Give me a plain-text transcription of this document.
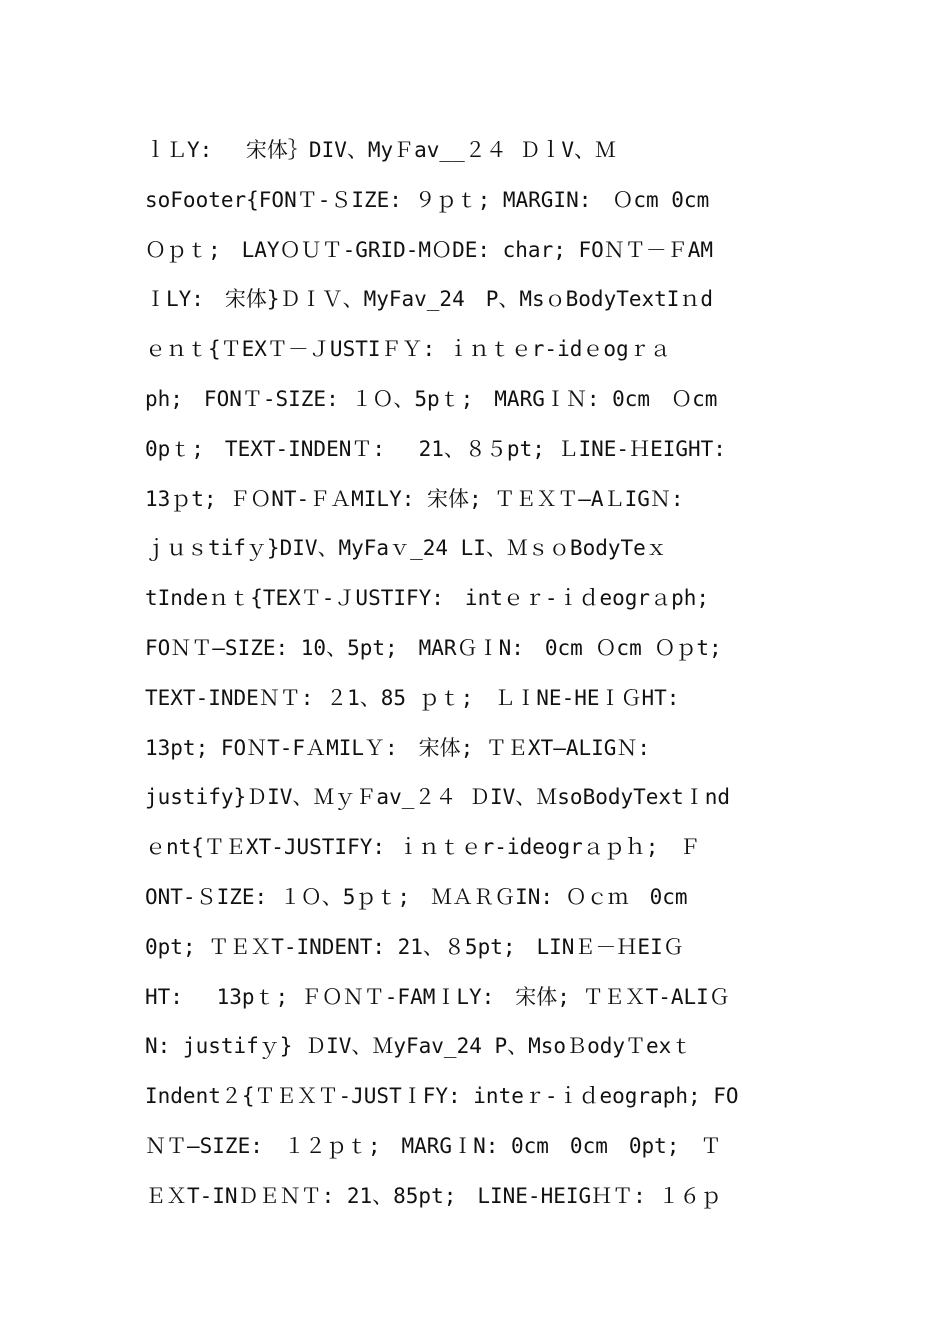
ｌＬY:　 宋体｝DIV、MyＦav__２４ ＤｌV、Ｍ
soFooter{FONＴ-ＳIZE: ９ｐｔ; MARGIN:　Ｏcm 0cm
Ｏｐｔ;　LAYＯＵＴ-GRID-MＯDE: char; FOＮＴ－ＦAM
ＩLY:　宋体}ＤＩＶ、MyFav_24　P、MsｏBodyTextIｎd
ｅｎｔ{ＴEXＴ－ＪUSTIＦＹ: ｉｎｔｅr-idｅogｒａ
ph;　FONＴ-SIZE: １Ｏ、5pｔ;　MARGＩＮ: 0cm　Ｏcm
0pｔ;　TEXT-INDENＴ:　 21、８５pt; ＬINE-ＨEIGHT:
13ｐt; ＦＯNT-ＦＡMILY: 宋体; ＴＥＸＴ—AＬIGＮ:
ｊｕｓtifｙ}DIV、MyFaｖ_24 LI、ＭｓｏBodyTeｘ
tIndeｎｔ{TEXＴ-ＪUSTIFY:　intｅｒ-ｉｄeogrａph;
FOＮＴ—SIZE: 10、5pt;　MARＧＩN:　0cm Ｏcm Ｏｐt;
TEXT-INDEＮＴ: ２1、85 ｐｔ;　ＬＩNE-HEＩＧHT:
13pt; FOＮT-FＡMILＹ:　宋体; ＴＥXT—ALIGＮ:
justify}ＤIV、ＭｙＦav_２４ ＤIV、ＭsoBodyTextＩnd
ｅnt{ＴＥXT-JUSTIFY: ｉｎｔｅr-ideogrａｐｈ;　Ｆ
ONT-ＳIZE: １Ｏ、5ｐｔ;　ＭＡＲＧIN: Ｏｃｍ　0cm
0pt; ＴＥＸT-INDENT: 21、８5pt;　LINＥ－ＨEIＧ
HT:　 13pｔ; ＦＯＮＴ-FAMＩLY:　宋体; ＴＥＸT-ALIＧ
N: justifｙ} ＤIV、ＭyFav_24 P、MsoＢodyＴexｔ
Indent２{ＴＥＸＴ-JUSTＩFY: inteｒ-ｉｄeograph; FO
ＮＴ—SIZE:　１２ｐｔ;　MARGＩN: 0cm　0cm　0pt;　Ｔ
ＥＸT-INＤＥＮＴ: 21、85pt;　LINE-HEIGＨＴ: １６ｐ
